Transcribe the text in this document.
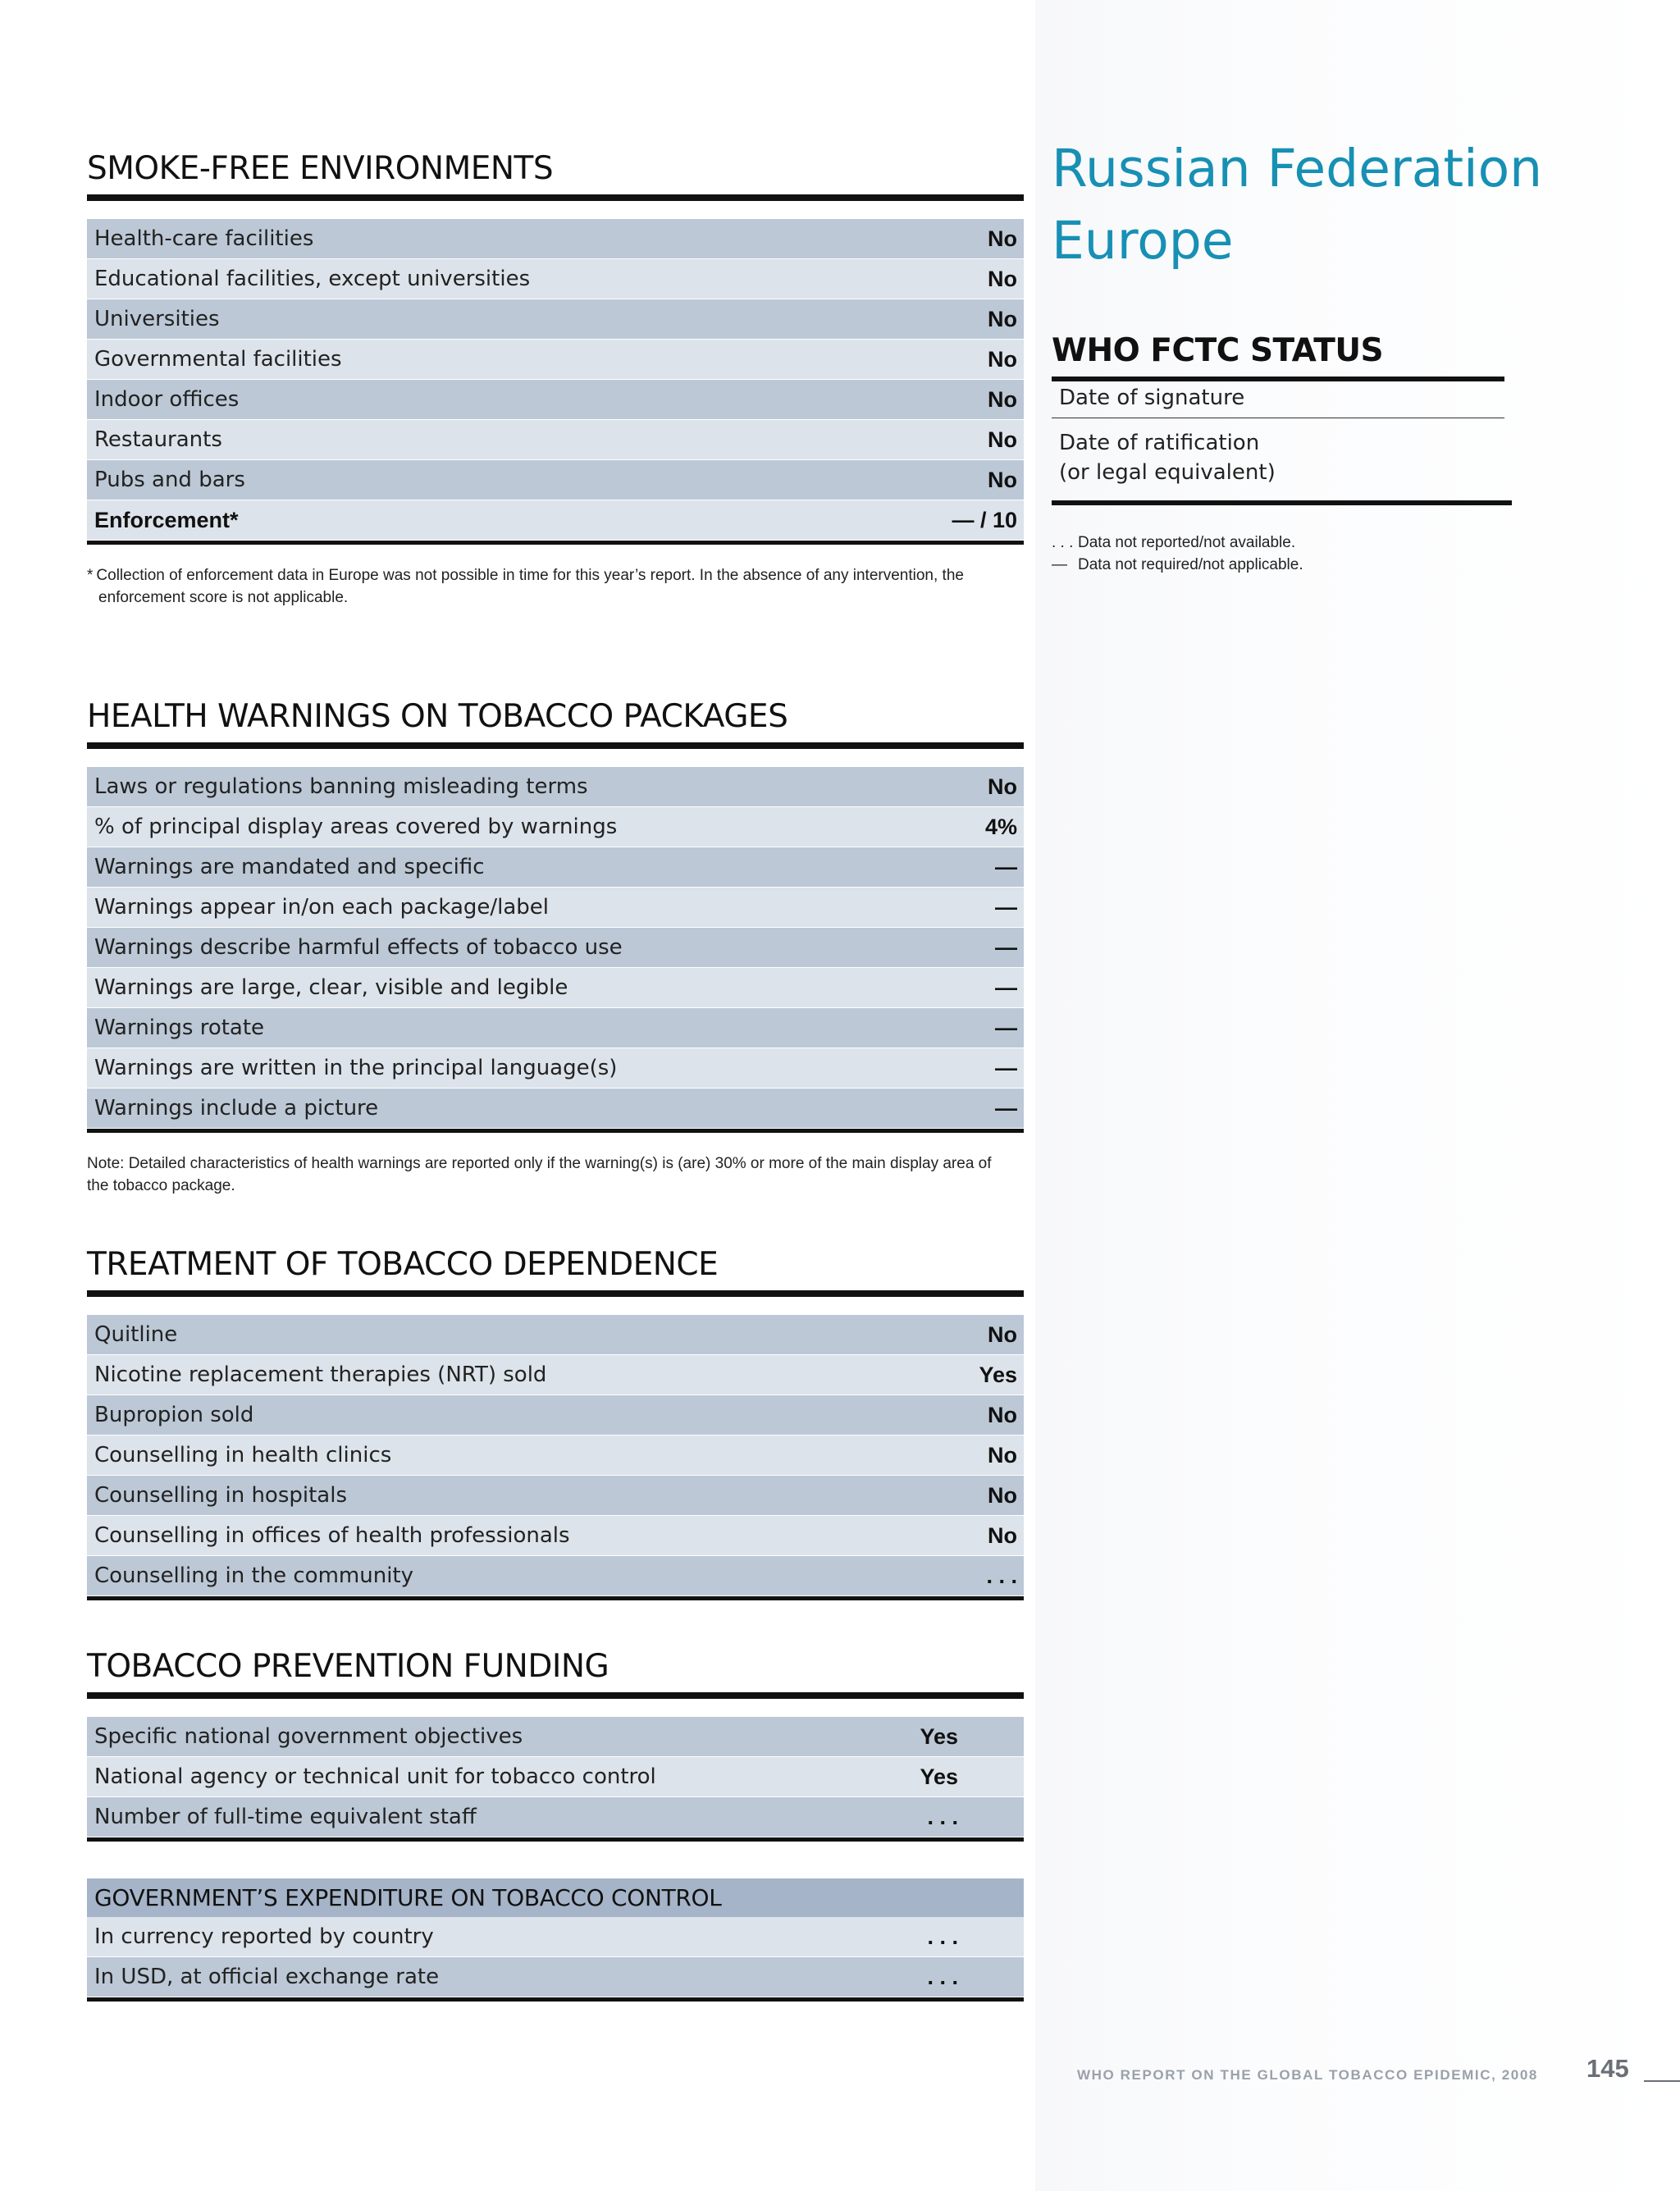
SMOKE-FREE ENVIRONMENTS
Health-care facilities	No
Educational facilities, except universities	No
Universities	No
Governmental facilities	No
Indoor offices	No
Restaurants	No
Pubs and bars	No
Enforcement*	— / 10
* Collection of enforcement data in Europe was not possible in time for this year’s report. In the absence of any intervention, the
enforcement score is not applicable.
HEALTH WARNINGS ON TOBACCO PACKAGES
Laws or regulations banning misleading terms	No
% of principal display areas covered by warnings	4%
Warnings are mandated and specific	—
Warnings appear in/on each package/label	—
Warnings describe harmful effects of tobacco use	—
Warnings are large, clear, visible and legible	—
Warnings rotate	—
Warnings are written in the principal language(s)	—
Warnings include a picture	—
Note: Detailed characteristics of health warnings are reported only if the warning(s) is (are) 30% or more of the main display area of
the tobacco package.
TREATMENT OF TOBACCO DEPENDENCE
Quitline	No
Nicotine replacement therapies (NRT) sold	Yes
Bupropion sold	No
Counselling in health clinics	No
Counselling in hospitals	No
Counselling in offices of health professionals	No
Counselling in the community	. . .
TOBACCO PREVENTION FUNDING
Specific national government objectives	Yes
National agency or technical unit for tobacco control	Yes
Number of full-time equivalent staff	. . .
GOVERNMENT’S EXPENDITURE ON TOBACCO CONTROL
In currency reported by country	. . .
In USD, at official exchange rate	. . .
Russian Federation
Europe
WHO FCTC STATUS
Date of signature
Date of ratification
(or legal equivalent)
. . . Data not reported/not available.
— Data not required/not applicable.
WHO REPORT ON THE GLOBAL TOBACCO EPIDEMIC, 2008 145
